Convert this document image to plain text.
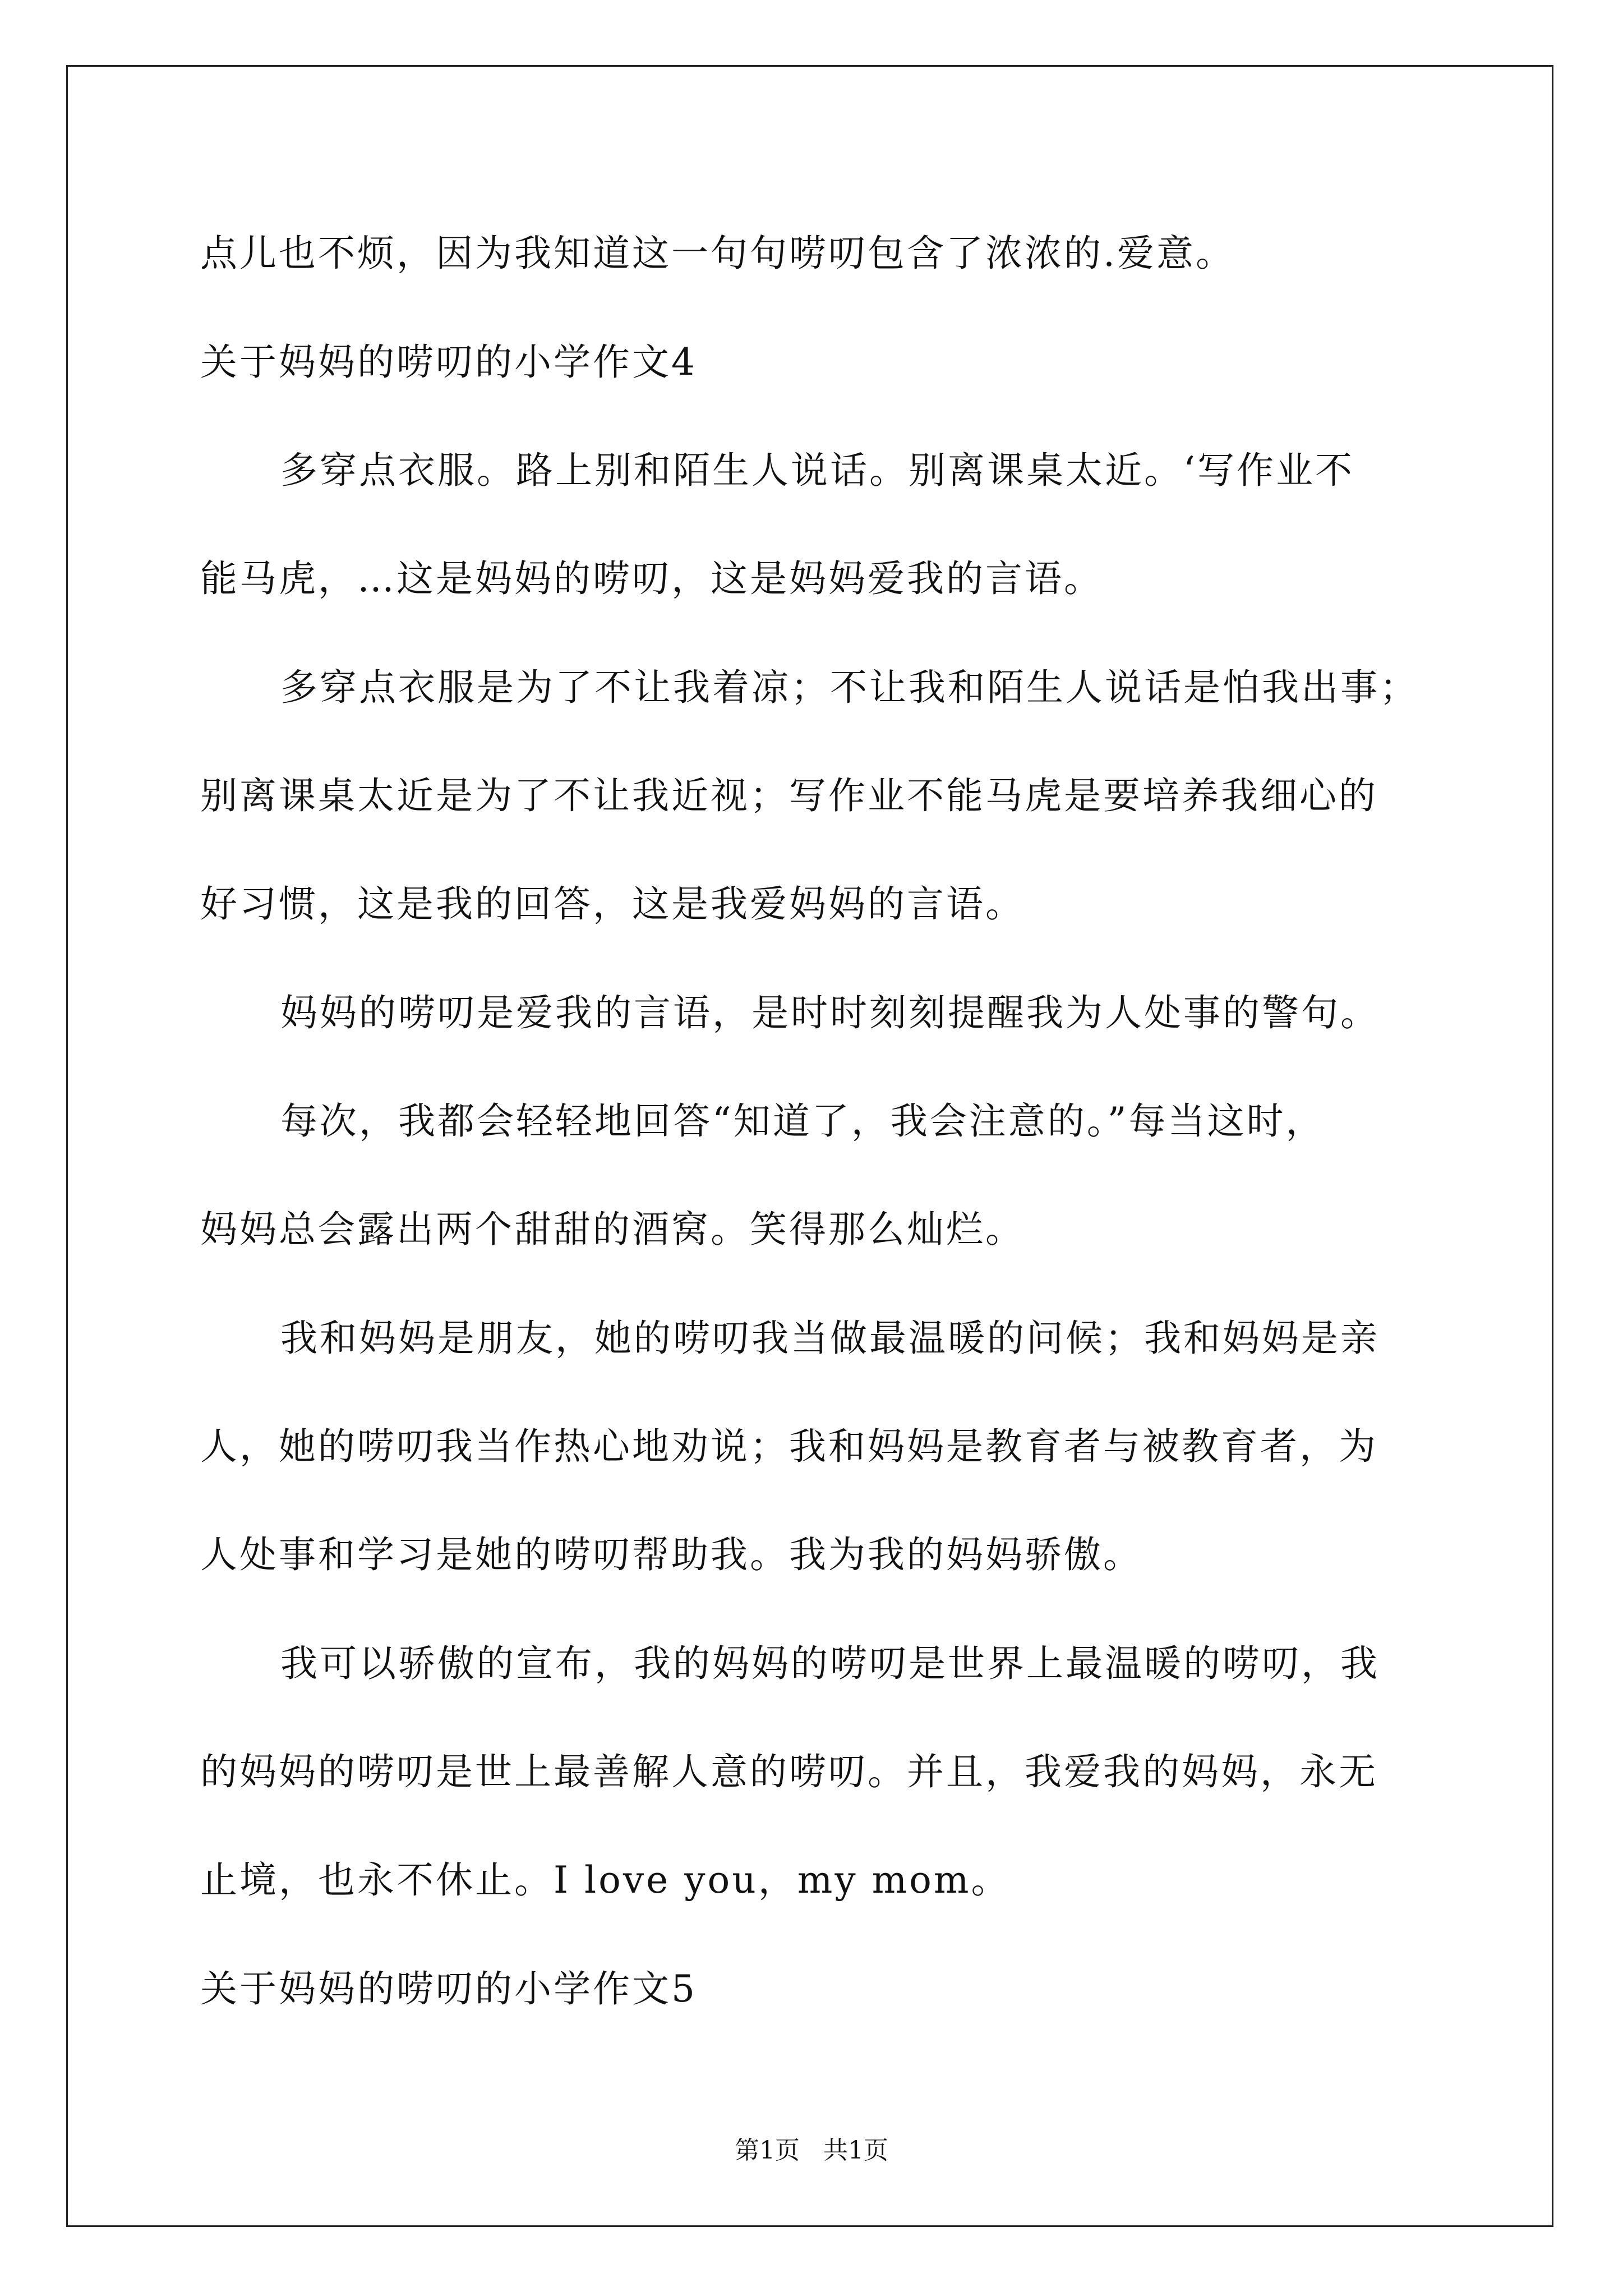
点儿也不烦，因为我知道这一句句唠叨包含了浓浓的.爱意。
关于妈妈的唠叨的小学作文4
多穿点衣服。路上别和陌生人说话。别离课桌太近。‘写作业不
能马虎，…这是妈妈的唠叨，这是妈妈爱我的言语。
多穿点衣服是为了不让我着凉；不让我和陌生人说话是怕我出事；
别离课桌太近是为了不让我近视；写作业不能马虎是要培养我细心的
好习惯，这是我的回答，这是我爱妈妈的言语。
妈妈的唠叨是爱我的言语，是时时刻刻提醒我为人处事的警句。
每次，我都会轻轻地回答“知道了，我会注意的。”每当这时，
妈妈总会露出两个甜甜的酒窝。笑得那么灿烂。
我和妈妈是朋友，她的唠叨我当做最温暖的问候；我和妈妈是亲
人，她的唠叨我当作热心地劝说；我和妈妈是教育者与被教育者，为
人处事和学习是她的唠叨帮助我。我为我的妈妈骄傲。
我可以骄傲的宣布，我的妈妈的唠叨是世界上最温暖的唠叨，我
的妈妈的唠叨是世上最善解人意的唠叨。并且，我爱我的妈妈，永无
止境，也永不休止。I love you，my mom。
关于妈妈的唠叨的小学作文5
第1页 共1页
